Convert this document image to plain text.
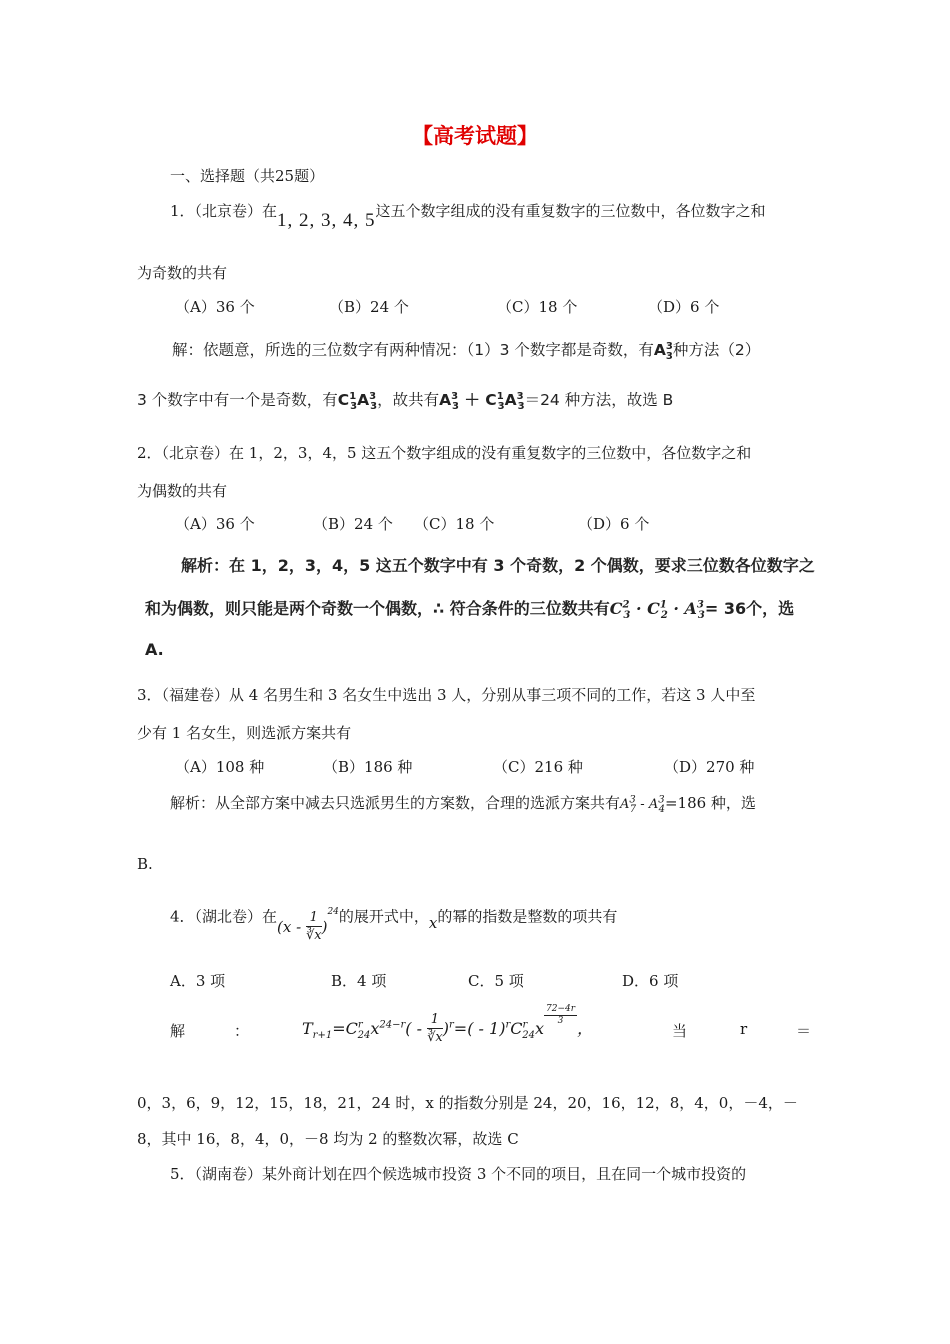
【高考试题】
一、选择题（共25题）
1．（北京卷）在1, 2, 3, 4, 5这五个数字组成的没有重复数字的三位数中，各位数字之和
为奇数的共有
（A）36 个	（B）24 个	（C）18 个	（D）6 个
解：依题意，所选的三位数字有两种情况：（1）3 个数字都是奇数，有$A^3_3$种方法（2）
3 个数字中有一个是奇数，有$C^1_3A^3_3$，故共有$A^3_3 + C^1_3A^3_3=24$ 种方法，故选 B
2．（北京卷）在 1，2，3，4，5 这五个数字组成的没有重复数字的三位数中，各位数字之和
为偶数的共有
（A）36 个	（B）24 个 （C）18 个	（D）6 个
解析：在 1，2，3，4，5 这五个数字中有 3 个奇数，2 个偶数，要求三位数各位数字之
和为偶数，则只能是两个奇数一个偶数，∴ 符合条件的三位数共有$C^2_3 \cdot C^1_2 \cdot A^3_3= 36$个，选
A.
3．（福建卷）从 4 名男生和 3 名女生中选出 3 人，分别从事三项不同的工作，若这 3 人中至
少有 1 名女生，则选派方案共有
（A）108 种	（B）186 种	（C）216 种	（D）270 种
解析：从全部方案中减去只选派男生的方案数，合理的选派方案共有$A^3_7 - A^3_4=186$ 种，选
B.
4．（湖北卷）在$(x - \frac{1}{∛x} )^{24}$的展开式中，x的幂的指数是整数的项共有
A．3 项	B．4 项	C．5 项	D．6 项
解	：	$T_{r+1}=C^r_{24}x^{24-r}( - \frac{1}{∛x} )^r=( - 1)^rC^r_{24}x$
$^{\frac{72-4r}{3}}$
，	当	r	＝
0，3，6，9，12，15，18，21，24 时，x 的指数分别是 24，20，16，12，8，4，0，－4，－
8，其中 16，8，4，0，－8 均为 2 的整数次幂，故选 C
5．（湖南卷）某外商计划在四个候选城市投资 3 个不同的项目，且在同一个城市投资的
